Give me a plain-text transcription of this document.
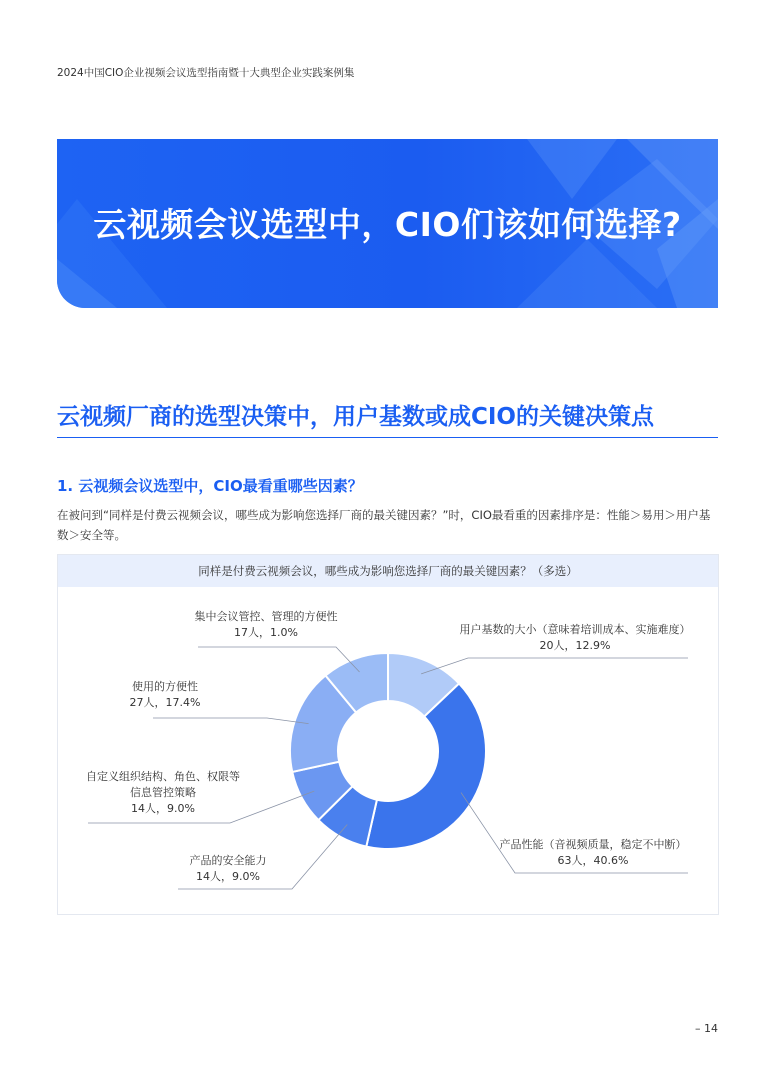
2024中国CIO企业视频会议选型指南暨十大典型企业实践案例集
云视频会议选型中，CIO们该如何选择?
云视频厂商的选型决策中，用户基数或成CIO的关键决策点
1. 云视频会议选型中，CIO最看重哪些因素？
在被问到“同样是付费云视频会议，哪些成为影响您选择厂商的最关键因素？”时，CIO最看重的因素排序是：性能＞易用＞用户基数＞安全等。
同样是付费云视频会议，哪些成为影响您选择厂商的最关键因素？（多选）
集中会议管控、管理的方便性
17人，1.0%	用户基数的大小（意味着培训成本、实施难度）
20人，12.9%
使用的方便性
27人，17.4%
自定义组织结构、角色、权限等
信息管控策略
14人，9.0%
产品性能（音视频质量，稳定不中断）
63人，40.6%
产品的安全能力
14人，9.0%
– 14
